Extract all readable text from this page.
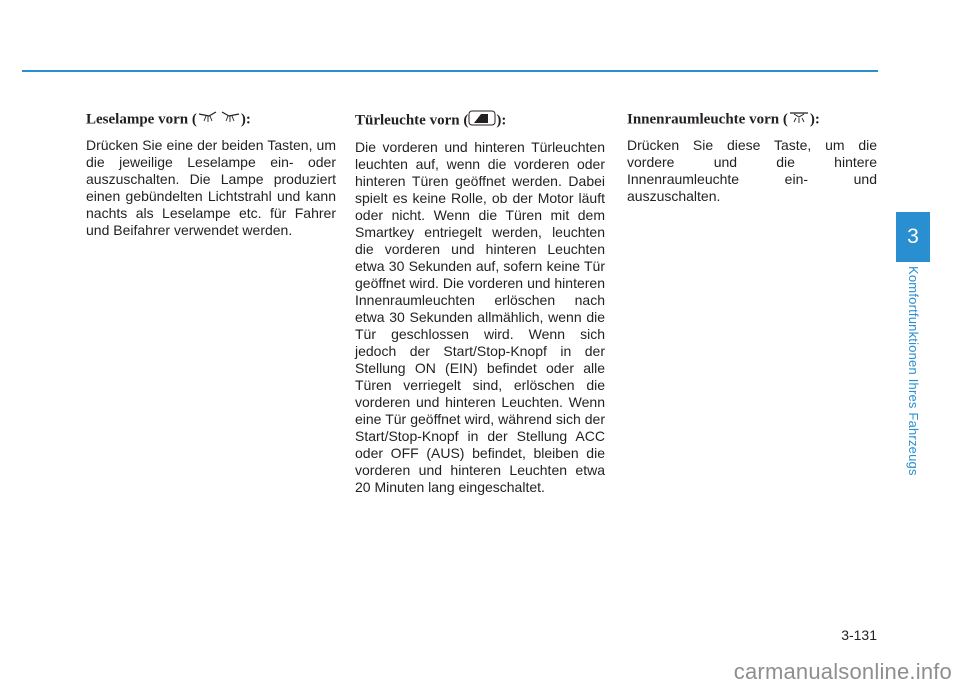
Leselampe vorn (	):

Drücken Sie eine der beiden Tasten, um die jeweilige Leselampe ein- oder auszuschalten. Die Lampe produziert einen gebündelten Lichtstrahl und kann nachts als Leselampe etc. für Fahrer und Beifahrer verwendet werden.

Türleuchte vorn ( ):

Die vorderen und hinteren Türleuchten leuchten auf, wenn die vorderen oder hinteren Türen geöffnet werden. Dabei spielt es keine Rolle, ob der Motor läuft oder nicht. Wenn die Türen mit dem Smartkey entriegelt werden, leuchten die vorderen und hinteren Leuchten etwa 30 Sekunden auf, sofern keine Tür geöffnet wird. Die vorderen und hinteren Innenraumleuchten erlöschen nach etwa 30 Sekunden allmählich, wenn die Tür geschlossen wird. Wenn sich jedoch der Start/Stop-Knopf in der Stellung ON (EIN) befindet oder alle Türen verriegelt sind, erlöschen die vorderen und hinteren Leuchten. Wenn eine Tür geöffnet wird, während sich der Start/Stop-Knopf in der Stellung ACC oder OFF (AUS) befindet, bleiben die vorderen und hinteren Leuchten etwa 20 Minuten lang eingeschaltet.

Innenraumleuchte vorn ( ):

Drücken Sie diese Taste, um die vordere und die hintere Innenraumleuchte ein- und auszuschalten.

3
Komfortfunktionen Ihres Fahrzeugs
3-131
carmanualsonline.info
